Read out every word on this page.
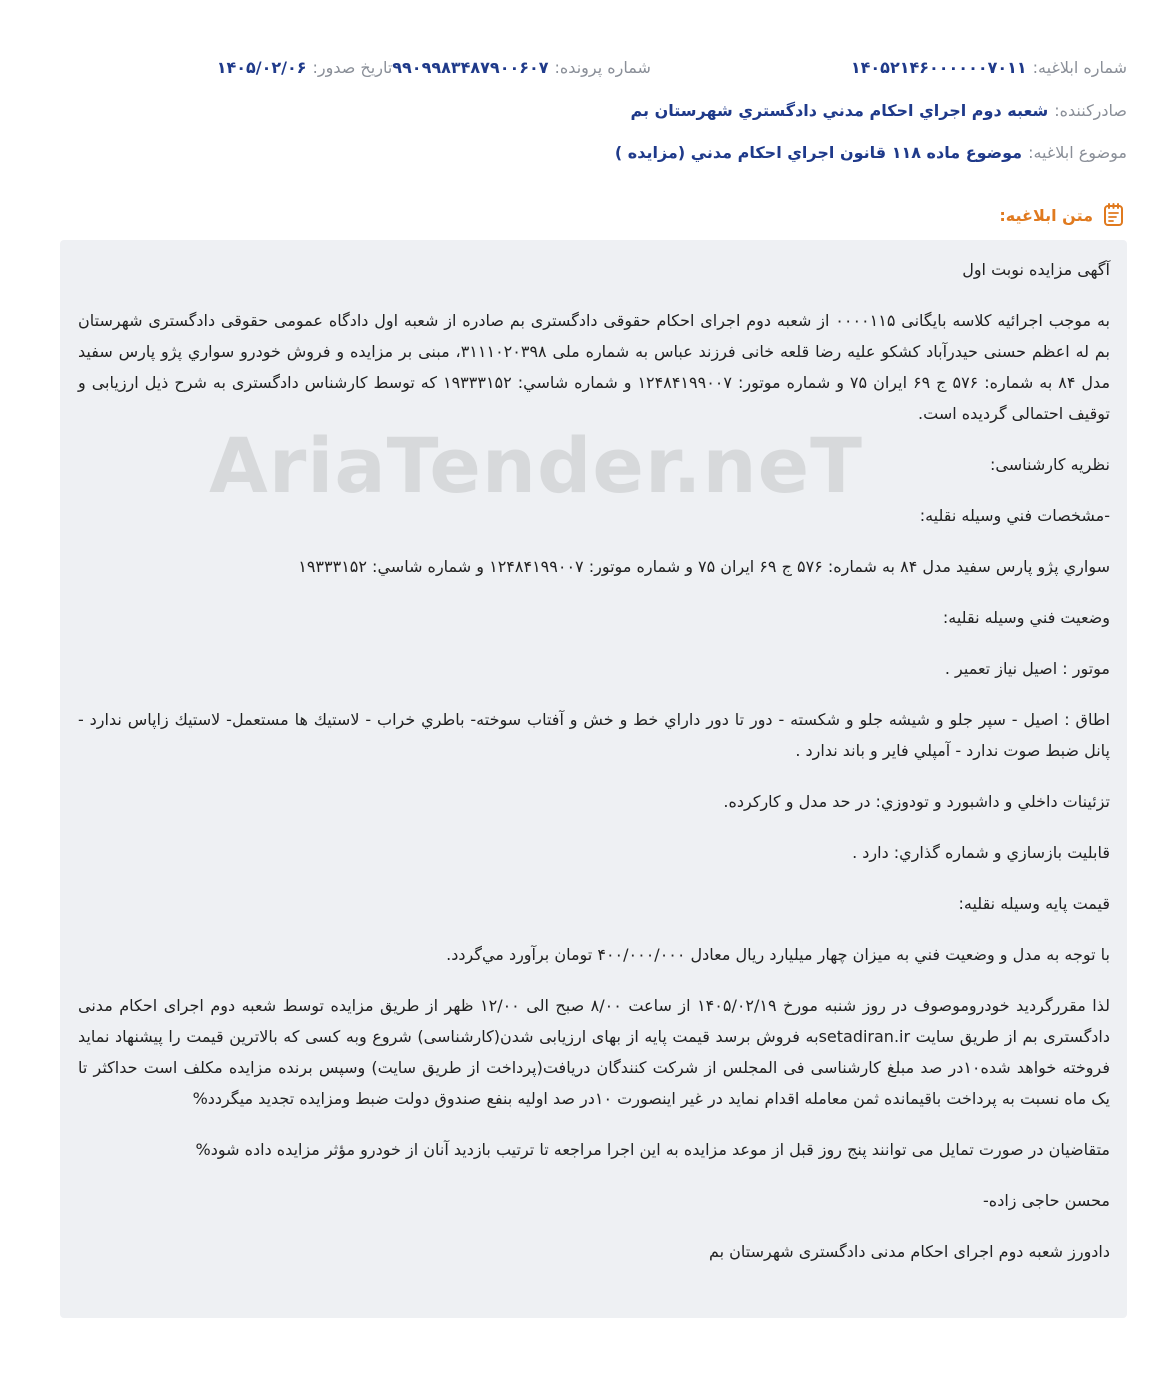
شماره ابلاغیه:
۱۴۰۵۲۱۴۶۰۰۰۰۰۰۷۰۱۱
شماره پرونده:
۹۹۰۹۹۸۳۴۸۷۹۰۰۶۰۷
تاریخ صدور:
۱۴۰۵/۰۲/۰۶
صادرکننده:
شعبه دوم اجراي احكام مدني دادگستري شهرستان بم
موضوع ابلاغیه:
موضوع ماده ۱۱۸ قانون اجراي احكام مدني (مزايده )
متن ابلاغیه:
AriaTender.neT

آگهی مزایده نوبت اول

به موجب اجرائیه کلاسه بایگانی ۰۰۰۰۱۱۵ از شعبه دوم اجرای احکام حقوقی دادگستری بم صادره از شعبه اول دادگاه عمومی حقوقی دادگستری شهرستان بم له اعظم حسنی حیدرآباد کشکو علیه رضا قلعه خانی فرزند عباس به شماره ملی ۳۱۱۱۰۲۰۳۹۸، مبنی بر مزایده و فروش خودرو سواري پژو پارس سفيد مدل ۸۴ به شماره: ۵۷۶ ج ۶۹ ايران ۷۵ و شماره موتور: ۱۲۴۸۴۱۹۹۰۰۷ و شماره شاسي: ۱۹۳۳۳۱۵۲ که توسط کارشناس دادگستری به شرح ذیل ارزیابی و توقیف احتمالی گردیده است.

نظریه کارشناسی:

-مشخصات فني وسيله نقليه:

سواري پژو پارس سفيد مدل ۸۴ به شماره: ۵۷۶ ج ۶۹ ايران ۷۵ و شماره موتور: ۱۲۴۸۴۱۹۹۰۰۷ و شماره شاسي: ۱۹۳۳۳۱۵۲

وضعيت فني وسيله نقليه:

موتور : اصيل نياز تعمير .

اطاق : اصيل - سپر جلو و شيشه جلو و شكسته - دور تا دور داراي خط و خش و آفتاب سوخته- باطري خراب - لاستيك ها مستعمل- لاستيك زاپاس ندارد - پانل ضبط صوت ندارد - آمپلي فاير و باند ندارد .

تزئينات داخلي و داشبورد و تودوزي: در حد مدل و كاركرده.

قابليت بازسازي و شماره گذاري: دارد .

قيمت پايه وسيله نقليه:

با توجه به مدل و وضعيت فني به ميزان چهار ميليارد ريال معادل ۴۰۰/۰۰۰/۰۰۰ تومان برآورد مي‌گردد.

لذا مقررگردید خودروموصوف در روز شنبه مورخ ۱۴۰۵/۰۲/۱۹ از ساعت ۸/۰۰ صبح الی ۱۲/۰۰ ظهر از طریق مزایده توسط شعبه دوم اجرای احکام مدنی دادگستری بم از طریق سایت setadiran.irبه فروش برسد قیمت پایه از بهای ارزیابی شدن(کارشناسی) شروع وبه کسی که بالاترین قیمت را پیشنهاد نماید فروخته خواهد شده۱۰در صد مبلغ کارشناسی فی المجلس از شرکت کنندگان دریافت(پرداخت از طریق سایت) وسپس برنده مزایده مکلف است حداکثر تا یک ماه نسبت به پرداخت باقیمانده ثمن معامله اقدام نماید در غیر اینصورت ۱۰در صد اولیه بنفع صندوق دولت ضبط ومزایده تجدید میگردد%

متقاضیان در صورت تمایل می توانند پنج روز قبل از موعد مزایده به این اجرا مراجعه تا ترتیب بازدید آنان از خودرو مؤثر مزایده داده شود%

محسن حاجی زاده-

دادورز شعبه دوم اجرای احکام مدنی دادگستری شهرستان بم
